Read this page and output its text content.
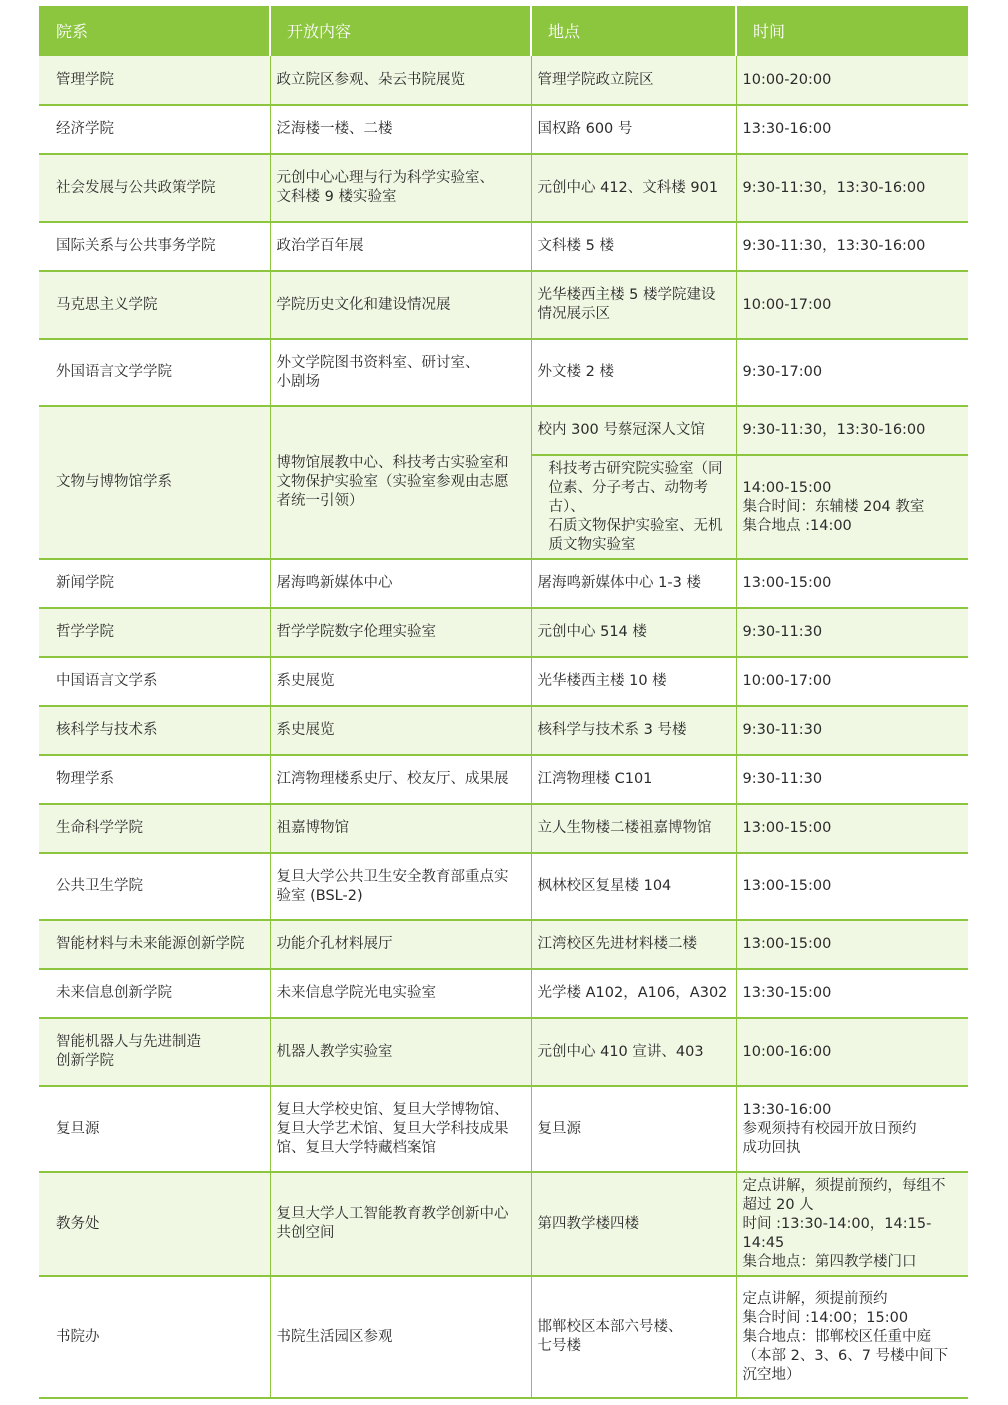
院系	开放内容	地点	时间
管理学院	政立院区参观、朵云书院展览	管理学院政立院区	10:00-20:00
经济学院	泛海楼一楼、二楼	国权路 600 号	13:30-16:00
社会发展与公共政策学院	元创中心心理与行为科学实验室、
文科楼 9 楼实验室	元创中心 412、文科楼 901	9:30-11:30，13:30-16:00
国际关系与公共事务学院	政治学百年展	文科楼 5 楼	9:30-11:30，13:30-16:00
马克思主义学院	学院历史文化和建设情况展	光华楼西主楼 5 楼学院建设
情况展示区	10:00-17:00
外国语言文学学院	外文学院图书资料室、研讨室、
小剧场	外文楼 2 楼	9:30-17:00
文物与博物馆学系	博物馆展教中心、科技考古实验室和
文物保护实验室（实验室参观由志愿
者统一引领）	校内 300 号蔡冠深人文馆	9:30-11:30，13:30-16:00
		科技考古研究院实验室（同
位素、分子考古、动物考古）、
石质文物保护实验室、无机
质文物实验室	14:00-15:00
集合时间：东辅楼 204 教室
集合地点 :14:00
新闻学院	屠海鸣新媒体中心	屠海鸣新媒体中心 1-3 楼	13:00-15:00
哲学学院	哲学学院数字伦理实验室	元创中心 514 楼	9:30-11:30
中国语言文学系	系史展览	光华楼西主楼 10 楼	10:00-17:00
核科学与技术系	系史展览	核科学与技术系 3 号楼	9:30-11:30
物理学系	江湾物理楼系史厅、校友厅、成果展	江湾物理楼 C101	9:30-11:30
生命科学学院	祖嘉博物馆	立人生物楼二楼祖嘉博物馆	13:00-15:00
公共卫生学院	复旦大学公共卫生安全教育部重点实
验室 (BSL-2)	枫林校区复星楼 104	13:00-15:00
智能材料与未来能源创新学院	功能介孔材料展厅	江湾校区先进材料楼二楼	13:00-15:00
未来信息创新学院	未来信息学院光电实验室	光学楼 A102，A106，A302	13:30-15:00
智能机器人与先进制造
创新学院	机器人教学实验室	元创中心 410 宣讲、403	10:00-16:00
复旦源	复旦大学校史馆、复旦大学博物馆、
复旦大学艺术馆、复旦大学科技成果
馆、复旦大学特藏档案馆	复旦源	13:30-16:00
参观须持有校园开放日预约
成功回执
教务处	复旦大学人工智能教育教学创新中心
共创空间	第四教学楼四楼	定点讲解，须提前预约，每组不
超过 20 人
时间 :13:30-14:00，14:15-14:45
集合地点：第四教学楼门口
书院办	书院生活园区参观	邯郸校区本部六号楼、
七号楼	定点讲解，须提前预约
集合时间 :14:00；15:00
集合地点：邯郸校区任重中庭
（本部 2、3、6、7 号楼中间下
沉空地）
